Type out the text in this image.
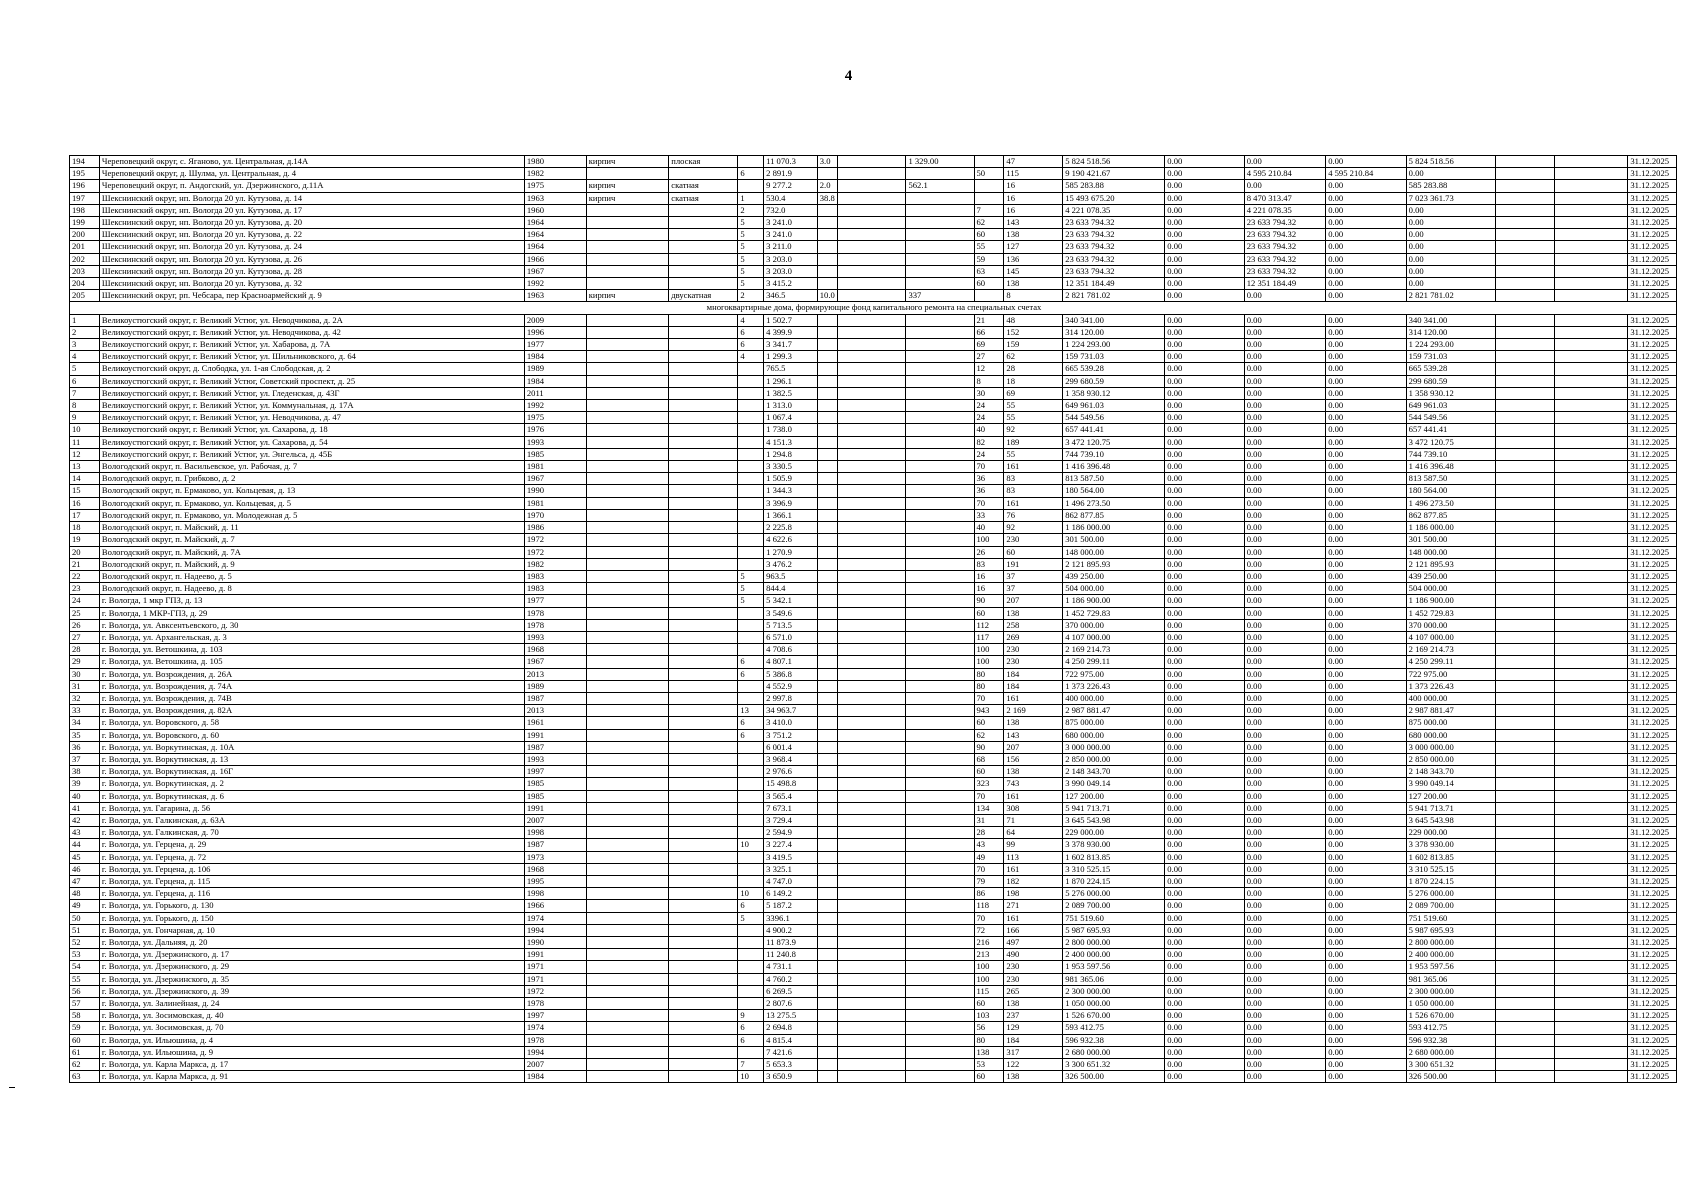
4
194	Череповецкий округ, с. Ягановo, ул. Центральная, д.14А	1980	кирпич	плоская		11 070.3	3.0		1 329.00		47	5 824 518.56	0.00	0.00	0.00	5 824 518.56			31.12.2025
195	Череповецкий округ, д. Шулма, ул. Центральная, д. 4	1982			6	2 891.9				50	115	9 190 421.67	0.00	4 595 210.84	4 595 210.84	0.00			31.12.2025
196	Череповецкий округ, п. Андогский, ул. Дзержинского, д.11А	1975	кирпич	скатная		9 277.2	2.0		562.1		16	585 283.88	0.00	0.00	0.00	585 283.88			31.12.2025
197	Шекснинский округ, нп. Вологда 20 ул. Кутузова, д. 14	1963	кирпич	скатная	1	530.4	38.8				16	15 493 675.20	0.00	8 470 313.47	0.00	7 023 361.73			31.12.2025
198	Шекснинский округ, нп. Вологда 20 ул. Кутузова, д. 17	1960			2	732.0				7	16	4 221 078.35	0.00	4 221 078.35	0.00	0.00			31.12.2025
199	Шекснинский округ, нп. Вологда 20 ул. Кутузова, д. 20	1964			5	3 241.0				62	143	23 633 794.32	0.00	23 633 794.32	0.00	0.00			31.12.2025
200	Шекснинский округ, нп. Вологда 20 ул. Кутузова, д. 22	1964			5	3 241.0				60	138	23 633 794.32	0.00	23 633 794.32	0.00	0.00			31.12.2025
201	Шекснинский округ, нп. Вологда 20 ул. Кутузова, д. 24	1964			5	3 211.0				55	127	23 633 794.32	0.00	23 633 794.32	0.00	0.00			31.12.2025
202	Шекснинский округ, нп. Вологда 20 ул. Кутузова, д. 26	1966			5	3 203.0				59	136	23 633 794.32	0.00	23 633 794.32	0.00	0.00			31.12.2025
203	Шекснинский округ, нп. Вологда 20 ул. Кутузова, д. 28	1967			5	3 203.0				63	145	23 633 794.32	0.00	23 633 794.32	0.00	0.00			31.12.2025
204	Шекснинский округ, нп. Вологда 20 ул. Кутузова, д. 32	1992			5	3 415.2				60	138	12 351 184.49	0.00	12 351 184.49	0.00	0.00			31.12.2025
205	Шекснинский округ, рп. Чебсара, пер Красноармейский д. 9	1963	кирпич	двускатная	2	346.5	10.0		337		8	2 821 781.02	0.00	0.00	0.00	2 821 781.02			31.12.2025
многоквартирные дома, формирующие фонд капитального ремонта на специальных счетах																			
1	Великоустюгский округ, г. Великий Устюг, ул. Неводчикова, д. 2А	2009			4	1 502.7				21	48	340 341.00	0.00	0.00	0.00	340 341.00			31.12.2025
2	Великоустюгский округ, г. Великий Устюг, ул. Неводчикова, д. 42	1996			6	4 399.9				66	152	314 120.00	0.00	0.00	0.00	314 120.00			31.12.2025
3	Великоустюгский округ, г. Великий Устюг, ул. Хабарова, д. 7А	1977			6	3 341.7				69	159	1 224 293.00	0.00	0.00	0.00	1 224 293.00			31.12.2025
4	Великоустюгский округ, г. Великий Устюг, ул. Шильниковского, д. 64	1984			4	1 299.3				27	62	159 731.03	0.00	0.00	0.00	159 731.03			31.12.2025
5	Великоустюгский округ, д. Слободка, ул. 1-ая Слободская, д. 2	1989				765.5				12	28	665 539.28	0.00	0.00	0.00	665 539.28			31.12.2025
6	Великоустюгский округ, г. Великий Устюг, Советский проспект, д. 25	1984				1 296.1				8	18	299 680.59	0.00	0.00	0.00	299 680.59			31.12.2025
7	Великоустюгский округ, г. Великий Устюг, ул. Гледенская, д. 43Г	2011				1 382.5				30	69	1 358 930.12	0.00	0.00	0.00	1 358 930.12			31.12.2025
8	Великоустюгский округ, г. Великий Устюг, ул. Коммунальная, д. 17А	1992				1 313.0				24	55	649 961.03	0.00	0.00	0.00	649 961.03			31.12.2025
9	Великоустюгский округ, г. Великий Устюг, ул. Неводчикова, д. 47	1975				1 067.4				24	55	544 549.56	0.00	0.00	0.00	544 549.56			31.12.2025
10	Великоустюгский округ, г. Великий Устюг, ул. Сахарова, д. 18	1976				1 738.0				40	92	657 441.41	0.00	0.00	0.00	657 441.41			31.12.2025
11	Великоустюгский округ, г. Великий Устюг, ул. Сахарова, д. 54	1993				4 151.3				82	189	3 472 120.75	0.00	0.00	0.00	3 472 120.75			31.12.2025
12	Великоустюгский округ, г. Великий Устюг, ул. Энгельса, д. 45Б	1985				1 294.8				24	55	744 739.10	0.00	0.00	0.00	744 739.10			31.12.2025
13	Вологодский округ, п. Васильевское, ул. Рабочая, д. 7	1981				3 330.5				70	161	1 416 396.48	0.00	0.00	0.00	1 416 396.48			31.12.2025
14	Вологодский округ, п. Грибково, д. 2	1967				1 505.9				36	83	813 587.50	0.00	0.00	0.00	813 587.50			31.12.2025
15	Вологодский округ, п. Ермаково, ул. Кольцевая, д. 13	1990				1 344.3				36	83	180 564.00	0.00	0.00	0.00	180 564.00			31.12.2025
16	Вологодский округ, п. Ермаково, ул. Кольцевая, д. 5	1981				3 396.9				70	161	1 496 273.50	0.00	0.00	0.00	1 496 273.50			31.12.2025
17	Вологодский округ, п. Ермаково, ул. Молодежная д. 5	1970				1 366.1				33	76	862 877.85	0.00	0.00	0.00	862 877.85			31.12.2025
18	Вологодский округ, п. Майский, д. 11	1986				2 225.8				40	92	1 186 000.00	0.00	0.00	0.00	1 186 000.00			31.12.2025
19	Вологодский округ, п. Майский, д. 7	1972				4 622.6				100	230	301 500.00	0.00	0.00	0.00	301 500.00			31.12.2025
20	Вологодский округ, п. Майский, д. 7А	1972				1 270.9				26	60	148 000.00	0.00	0.00	0.00	148 000.00			31.12.2025
21	Вологодский округ, п. Майский, д. 9	1982				3 476.2				83	191	2 121 895.93	0.00	0.00	0.00	2 121 895.93			31.12.2025
22	Вологодский округ, п. Надеево, д. 5	1983			5	963.5				16	37	439 250.00	0.00	0.00	0.00	439 250.00			31.12.2025
23	Вологодский округ, п. Надеево, д. 8	1983			5	844.4				16	37	504 000.00	0.00	0.00	0.00	504 000.00			31.12.2025
24	г. Вологда, 1 мкр ГПЗ, д. 13	1977			5	5 342.1				90	207	1 186 900.00	0.00	0.00	0.00	1 186 900.00			31.12.2025
25	г. Вологда, 1 МКР-ГПЗ, д. 29	1978				3 549.6				60	138	1 452 729.83	0.00	0.00	0.00	1 452 729.83			31.12.2025
26	г. Вологда, ул. Авксентьевского, д. 30	1978				5 713.5				112	258	370 000.00	0.00	0.00	0.00	370 000.00			31.12.2025
27	г. Вологда, ул. Архангельская, д. 3	1993				6 571.0				117	269	4 107 000.00	0.00	0.00	0.00	4 107 000.00			31.12.2025
28	г. Вологда, ул. Ветошкина, д. 103	1968				4 708.6				100	230	2 169 214.73	0.00	0.00	0.00	2 169 214.73			31.12.2025
29	г. Вологда, ул. Ветошкина, д. 105	1967			6	4 807.1				100	230	4 250 299.11	0.00	0.00	0.00	4 250 299.11			31.12.2025
30	г. Вологда, ул. Возрождения, д. 26А	2013			6	5 386.8				80	184	722 975.00	0.00	0.00	0.00	722 975.00			31.12.2025
31	г. Вологда, ул. Возрождения, д. 74А	1989				4 552.9				80	184	1 373 226.43	0.00	0.00	0.00	1 373 226.43			31.12.2025
32	г. Вологда, ул. Возрождения, д. 74В	1987				2 997.8				70	161	400 000.00	0.00	0.00	0.00	400 000.00			31.12.2025
33	г. Вологда, ул. Возрождения, д. 82А	2013			13	34 963.7				943	2 169	2 987 881.47	0.00	0.00	0.00	2 987 881.47			31.12.2025
34	г. Вологда, ул. Воровского, д. 58	1961			6	3 410.0				60	138	875 000.00	0.00	0.00	0.00	875 000.00			31.12.2025
35	г. Вологда, ул. Воровского, д. 60	1991			6	3 751.2				62	143	680 000.00	0.00	0.00	0.00	680 000.00			31.12.2025
36	г. Вологда, ул. Воркутинская, д. 10А	1987				6 001.4				90	207	3 000 000.00	0.00	0.00	0.00	3 000 000.00			31.12.2025
37	г. Вологда, ул. Воркутинская, д. 13	1993				3 968.4				68	156	2 850 000.00	0.00	0.00	0.00	2 850 000.00			31.12.2025
38	г. Вологда, ул. Воркутинская, д. 16Г	1997				2 976.6				60	138	2 148 343.70	0.00	0.00	0.00	2 148 343.70			31.12.2025
39	г. Вологда, ул. Воркутинская, д. 2	1985				15 498.8				323	743	3 990 049.14	0.00	0.00	0.00	3 990 049.14			31.12.2025
40	г. Вологда, ул. Воркутинская, д. 6	1985				3 565.4				70	161	127 200.00	0.00	0.00	0.00	127 200.00			31.12.2025
41	г. Вологда, ул. Гагарина, д. 56	1991				7 673.1				134	308	5 941 713.71	0.00	0.00	0.00	5 941 713.71			31.12.2025
42	г. Вологда, ул. Галкинская, д. 63А	2007				3 729.4				31	71	3 645 543.98	0.00	0.00	0.00	3 645 543.98			31.12.2025
43	г. Вологда, ул. Галкинская, д. 70	1998				2 594.9				28	64	229 000.00	0.00	0.00	0.00	229 000.00			31.12.2025
44	г. Вологда, ул. Герцена, д. 29	1987			10	3 227.4				43	99	3 378 930.00	0.00	0.00	0.00	3 378 930.00			31.12.2025
45	г. Вологда, ул. Герцена, д. 72	1973				3 419.5				49	113	1 602 813.85	0.00	0.00	0.00	1 602 813.85			31.12.2025
46	г. Вологда, ул. Герцена, д. 106	1968				3 325.1				70	161	3 310 525.15	0.00	0.00	0.00	3 310 525.15			31.12.2025
47	г. Вологда, ул. Герцена, д. 115	1995				4 747.0				79	182	1 870 224.15	0.00	0.00	0.00	1 870 224.15			31.12.2025
48	г. Вологда, ул. Герцена, д. 116	1998			10	6 149.2				86	198	5 276 000.00	0.00	0.00	0.00	5 276 000.00			31.12.2025
49	г. Вологда, ул. Горького, д. 130	1966			6	5 187.2				118	271	2 089 700.00	0.00	0.00	0.00	2 089 700.00			31.12.2025
50	г. Вологда, ул. Горького, д. 150	1974			5	3396.1				70	161	751 519.60	0.00	0.00	0.00	751 519.60			31.12.2025
51	г. Вологда, ул. Гончарная, д. 10	1994				4 900.2				72	166	5 987 695.93	0.00	0.00	0.00	5 987 695.93			31.12.2025
52	г. Вологда, ул. Дальняя, д. 20	1990				11 873.9				216	497	2 800 000.00	0.00	0.00	0.00	2 800 000.00			31.12.2025
53	г. Вологда, ул. Дзержинского, д. 17	1991				11 240.8				213	490	2 400 000.00	0.00	0.00	0.00	2 400 000.00			31.12.2025
54	г. Вологда, ул. Дзержинского, д. 29	1971				4 731.1				100	230	1 953 597.56	0.00	0.00	0.00	1 953 597.56			31.12.2025
55	г. Вологда, ул. Дзержинского, д. 35	1971				4 760.2				100	230	981 365.06	0.00	0.00	0.00	981 365.06			31.12.2025
56	г. Вологда, ул. Дзержинского, д. 39	1972				6 269.5				115	265	2 300 000.00	0.00	0.00	0.00	2 300 000.00			31.12.2025
57	г. Вологда, ул. Залинейная, д. 24	1978				2 807.6				60	138	1 050 000.00	0.00	0.00	0.00	1 050 000.00			31.12.2025
58	г. Вологда, ул. Зосимовская, д. 40	1997			9	13 275.5				103	237	1 526 670.00	0.00	0.00	0.00	1 526 670.00			31.12.2025
59	г. Вологда, ул. Зосимовская, д. 70	1974			6	2 694.8				56	129	593 412.75	0.00	0.00	0.00	593 412.75			31.12.2025
60	г. Вологда, ул. Ильюшина, д. 4	1978			6	4 815.4				80	184	596 932.38	0.00	0.00	0.00	596 932.38			31.12.2025
61	г. Вологда, ул. Ильюшина, д. 9	1994				7 421.6				138	317	2 680 000.00	0.00	0.00	0.00	2 680 000.00			31.12.2025
62	г. Вологда, ул. Карла Маркса, д. 17	2007			7	5 653.3				53	122	3 300 651.32	0.00	0.00	0.00	3 300 651.32			31.12.2025
63	г. Вологда, ул. Карла Маркса, д. 91	1984			10	3 650.9				60	138	326 500.00	0.00	0.00	0.00	326 500.00			31.12.2025
